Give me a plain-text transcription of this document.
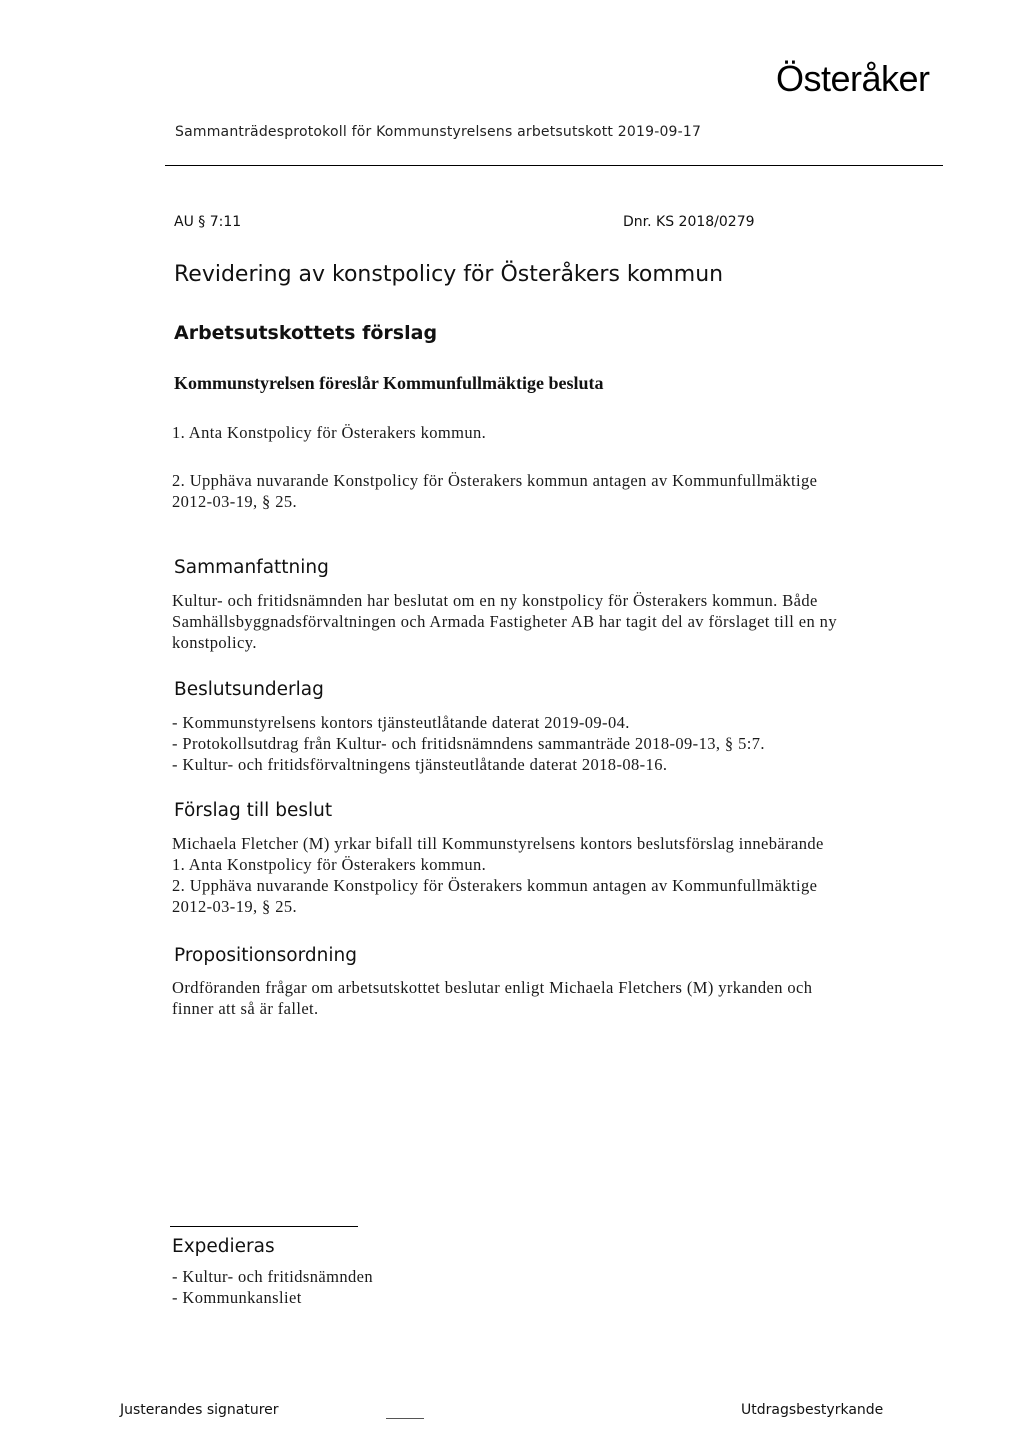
Österåker
Sammanträdesprotokoll för Kommunstyrelsens arbetsutskott 2019-09-17
AU § 7:11	Dnr. KS 2018/0279
Revidering av konstpolicy för Österåkers kommun
Arbetsutskottets förslag
Kommunstyrelsen föreslår Kommunfullmäktige besluta
1. Anta Konstpolicy för Österakers kommun.
2. Upphäva nuvarande Konstpolicy för Österakers kommun antagen av Kommunfullmäktige
2012-03-19, § 25.
Sammanfattning
Kultur- och fritidsnämnden har beslutat om en ny konstpolicy för Österakers kommun. Både
Samhällsbyggnadsförvaltningen och Armada Fastigheter AB har tagit del av förslaget till en ny
konstpolicy.
Beslutsunderlag
- Kommunstyrelsens kontors tjänsteutlåtande daterat 2019-09-04.
- Protokollsutdrag från Kultur- och fritidsnämndens sammanträde 2018-09-13, § 5:7.
- Kultur- och fritidsförvaltningens tjänsteutlåtande daterat 2018-08-16.
Förslag till beslut
Michaela Fletcher (M) yrkar bifall till Kommunstyrelsens kontors beslutsförslag innebärande
1. Anta Konstpolicy för Österakers kommun.
2. Upphäva nuvarande Konstpolicy för Österakers kommun antagen av Kommunfullmäktige
2012-03-19, § 25.
Propositionsordning
Ordföranden frågar om arbetsutskottet beslutar enligt Michaela Fletchers (M) yrkanden och
finner att så är fallet.
Expedieras
- Kultur- och fritidsnämnden
- Kommunkansliet
Justerandes signaturer	Utdragsbestyrkande
